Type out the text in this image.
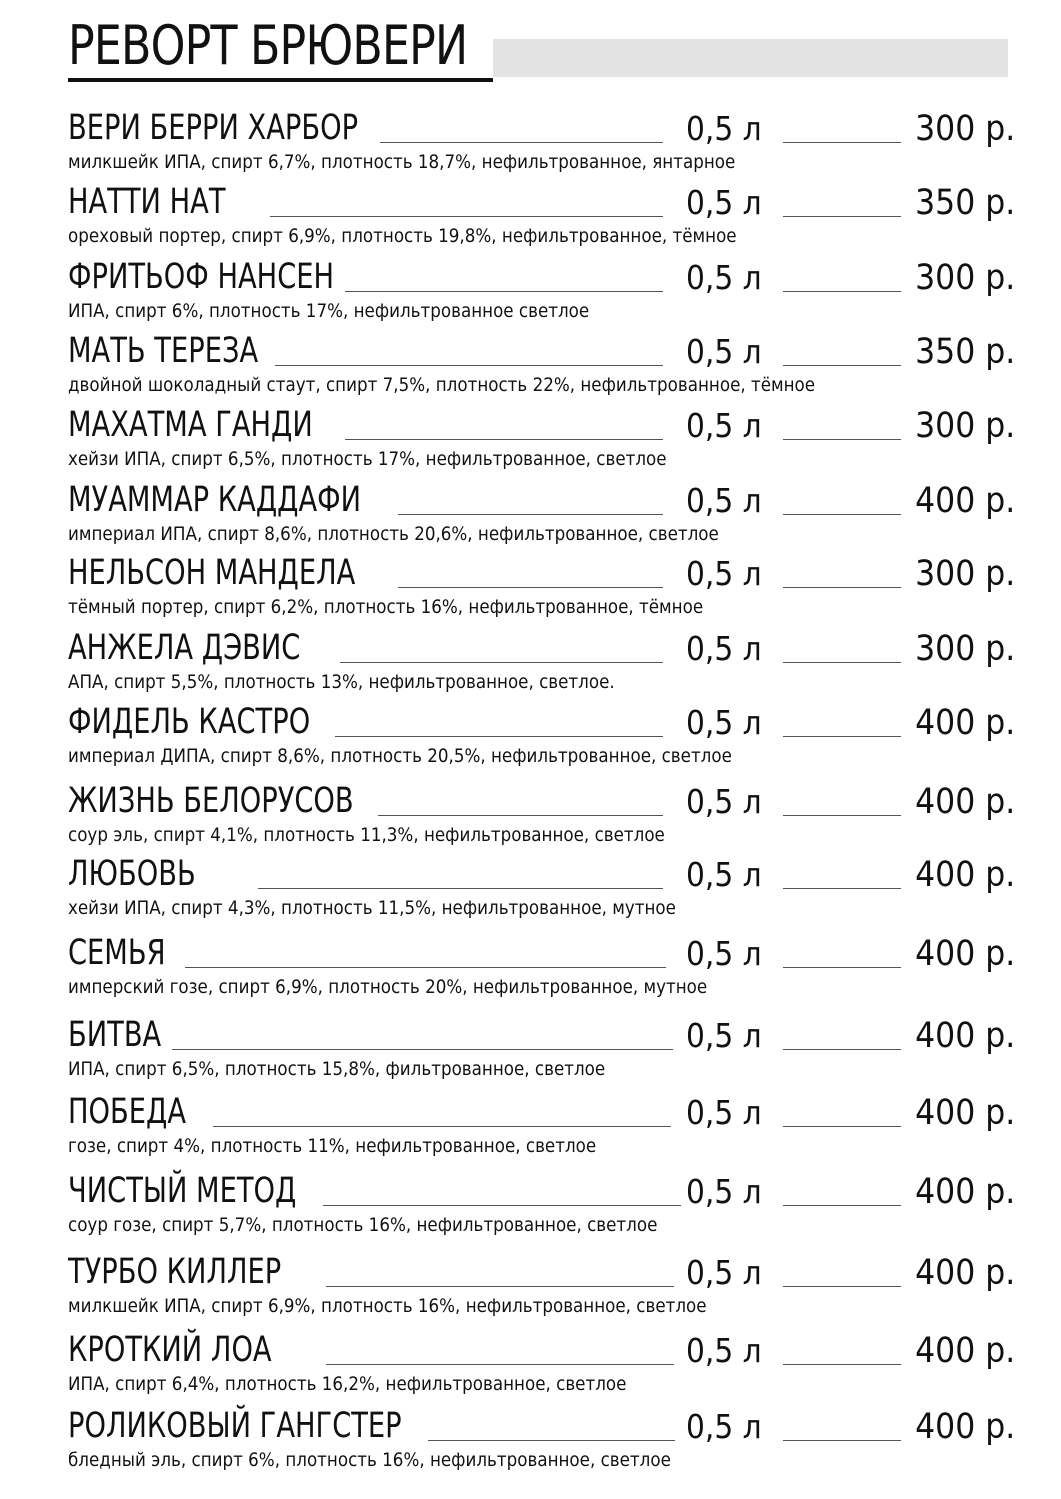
РЕВОРТ БРЮВЕРИ
ВЕРИ БЕРРИ ХАРБОР	0,5 л	300 р.
милкшейк ИПА, спирт 6,7%, плотность 18,7%, нефильтрованное, янтарное
НАТТИ НАТ	0,5 л	350 р.
ореховый портер, спирт 6,9%, плотность 19,8%, нефильтрованное, тёмное
ФРИТЬОФ НАНСЕН	0,5 л	300 р.
ИПА, спирт 6%, плотность 17%, нефильтрованное светлое
МАТЬ ТЕРЕЗА	0,5 л	350 р.
двойной шоколадный стаут, спирт 7,5%, плотность 22%, нефильтрованное, тёмное
МАХАТМА ГАНДИ	0,5 л	300 р.
хейзи ИПА, спирт 6,5%, плотность 17%, нефильтрованное, светлое
МУАММАР КАДДАФИ	0,5 л	400 р.
империал ИПА, спирт 8,6%, плотность 20,6%, нефильтрованное, светлое
НЕЛЬСОН МАНДЕЛА	0,5 л	300 р.
тёмный портер, спирт 6,2%, плотность 16%, нефильтрованное, тёмное
АНЖЕЛА ДЭВИС	0,5 л	300 р.
АПА, спирт 5,5%, плотность 13%, нефильтрованное, светлое.
ФИДЕЛЬ КАСТРО	0,5 л	400 р.
империал ДИПА, спирт 8,6%, плотность 20,5%, нефильтрованное, светлое
ЖИЗНЬ БЕЛОРУСОВ	0,5 л	400 р.
соур эль, спирт 4,1%, плотность 11,3%, нефильтрованное, светлое
ЛЮБОВЬ	0,5 л	400 р.
хейзи ИПА, спирт 4,3%, плотность 11,5%, нефильтрованное, мутное
СЕМЬЯ	0,5 л	400 р.
имперский гозе, спирт 6,9%, плотность 20%, нефильтрованное, мутное
БИТВА	0,5 л	400 р.
ИПА, спирт 6,5%, плотность 15,8%, фильтрованное, светлое
ПОБЕДА	0,5 л	400 р.
гозе, спирт 4%, плотность 11%, нефильтрованное, светлое
ЧИСТЫЙ МЕТОД	0,5 л	400 р.
соур гозе, спирт 5,7%, плотность 16%, нефильтрованное, светлое
ТУРБО КИЛЛЕР	0,5 л	400 р.
милкшейк ИПА, спирт 6,9%, плотность 16%, нефильтрованное, светлое
КРОТКИЙ ЛОА	0,5 л	400 р.
ИПА, спирт 6,4%, плотность 16,2%, нефильтрованное, светлое
РОЛИКОВЫЙ ГАНГСТЕР	0,5 л	400 р.
бледный эль, спирт 6%, плотность 16%, нефильтрованное, светлое
